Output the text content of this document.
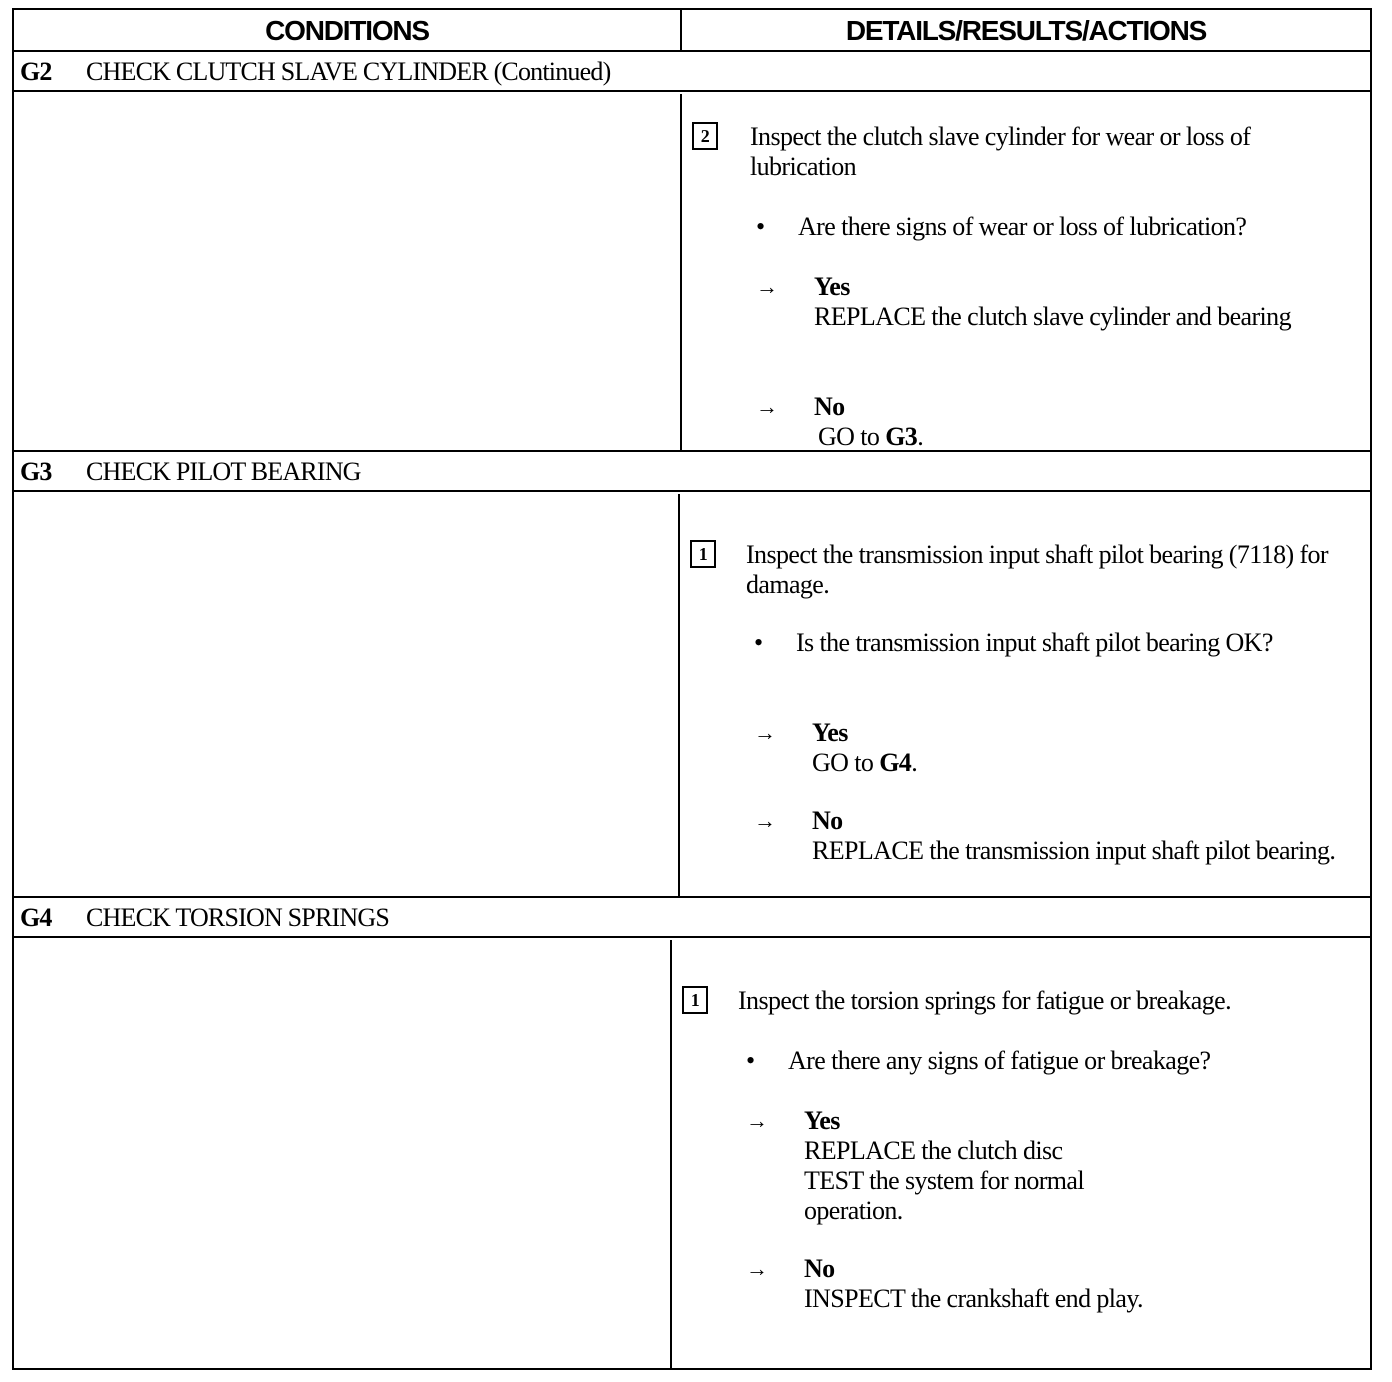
CONDITIONS	DETAILS/RESULTS/ACTIONS
G2 CHECK CLUTCH SLAVE CYLINDER (Continued)
2	Inspect the clutch slave cylinder for wear or loss of lubrication
•	Are there signs of wear or loss of lubrication?
→ Yes
REPLACE the clutch slave cylinder and bearing
→ No
GO to G3.
G3 CHECK PILOT BEARING
1	Inspect the transmission input shaft pilot bearing (7118) for damage.
•	Is the transmission input shaft pilot bearing OK?
→ Yes
GO to G4.
→ No
REPLACE the transmission input shaft pilot bearing.
G4 CHECK TORSION SPRINGS
1	Inspect the torsion springs for fatigue or breakage.
•	Are there any signs of fatigue or breakage?
→ Yes
REPLACE the clutch disc
TEST the system for normal operation.
→ No
INSPECT the crankshaft end play.
